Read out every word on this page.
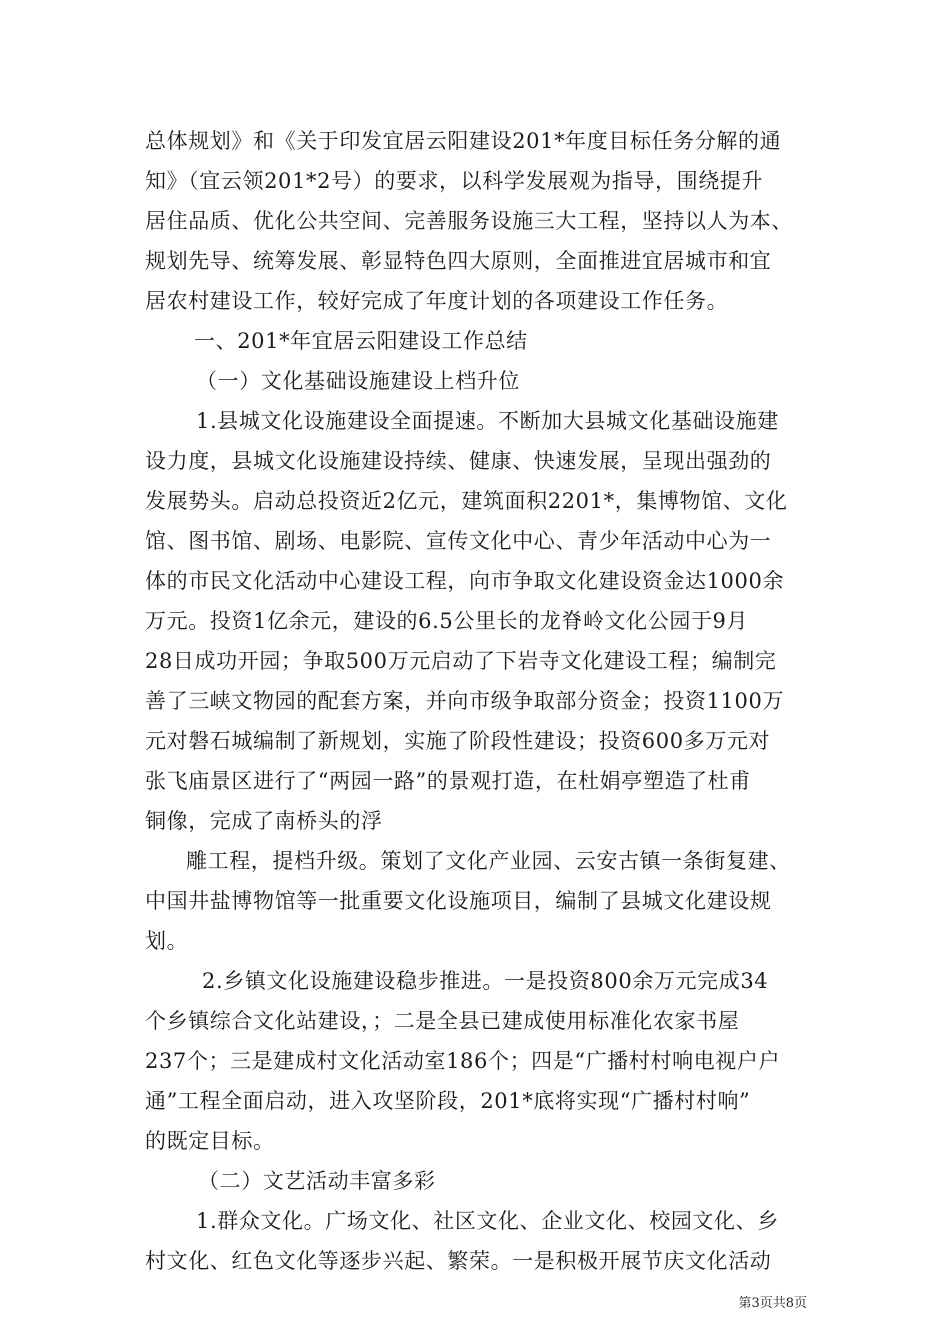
总体规划》和《关于印发宜居云阳建设201*年度目标任务分解的通
知》（宜云领201*2号）的要求，以科学发展观为指导，围绕提升
居住品质、优化公共空间、完善服务设施三大工程，坚持以人为本、
规划先导、统筹发展、彰显特色四大原则，全面推进宜居城市和宜
居农村建设工作，较好完成了年度计划的各项建设工作任务。
一、201*年宜居云阳建设工作总结
（一）文化基础设施建设上档升位
1.县城文化设施建设全面提速。不断加大县城文化基础设施建
设力度，县城文化设施建设持续、健康、快速发展，呈现出强劲的
发展势头。启动总投资近2亿元，建筑面积2201*，集博物馆、文化
馆、图书馆、剧场、电影院、宣传文化中心、青少年活动中心为一
体的市民文化活动中心建设工程，向市争取文化建设资金达1000余
万元。投资1亿余元，建设的6.5公里长的龙脊岭文化公园于9月
28日成功开园；争取500万元启动了下岩寺文化建设工程；编制完
善了三峡文物园的配套方案，并向市级争取部分资金；投资1100万
元对磐石城编制了新规划，实施了阶段性建设；投资600多万元对
张飞庙景区进行了“两园一路”的景观打造，在杜娟亭塑造了杜甫
铜像，完成了南桥头的浮
雕工程，提档升级。策划了文化产业园、云安古镇一条街复建、
中国井盐博物馆等一批重要文化设施项目，编制了县城文化建设规
划。
2.乡镇文化设施建设稳步推进。一是投资800余万元完成34
个乡镇综合文化站建设，；二是全县已建成使用标准化农家书屋
237个；三是建成村文化活动室186个；四是“广播村村响电视户户
通”工程全面启动，进入攻坚阶段，201*底将实现“广播村村响”
的既定目标。
（二）文艺活动丰富多彩
1.群众文化。广场文化、社区文化、企业文化、校园文化、乡
村文化、红色文化等逐步兴起、繁荣。一是积极开展节庆文化活动
第3页共8页
